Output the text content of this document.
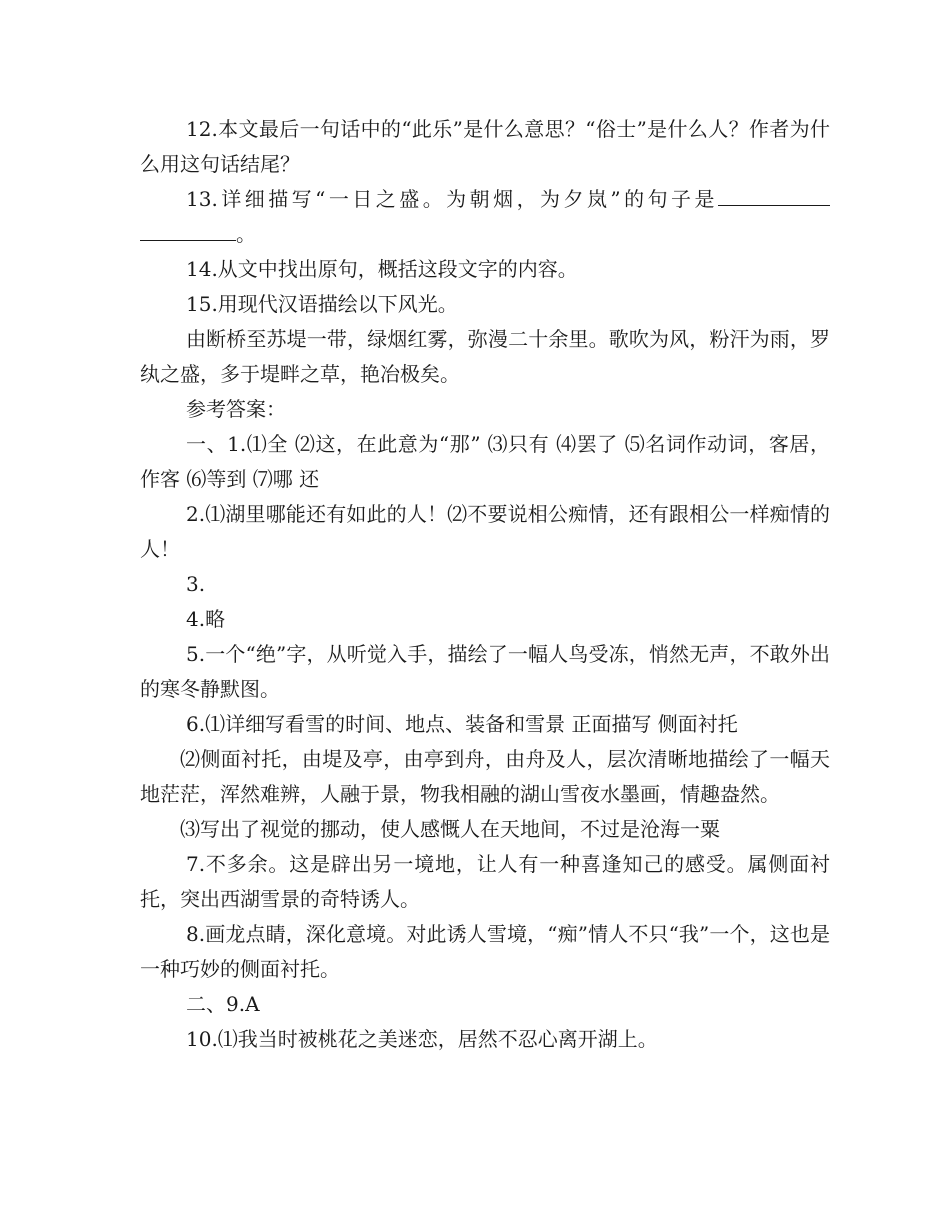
12.本文最后一句话中的“此乐”是什么意思？“俗士”是什么人？作者为什么用这句话结尾？

13.详细描写“一日之盛。为朝烟，为夕岚”的句子是。

14.从文中找出原句，概括这段文字的内容。

15.用现代汉语描绘以下风光。

由断桥至苏堤一带，绿烟红雾，弥漫二十余里。歌吹为风，粉汗为雨，罗纨之盛，多于堤畔之草，艳冶极矣。

参考答案：

一、1.⑴全 ⑵这，在此意为“那” ⑶只有 ⑷罢了 ⑸名词作动词，客居，作客 ⑹等到 ⑺哪 还

2.⑴湖里哪能还有如此的人！⑵不要说相公痴情，还有跟相公一样痴情的人！

3.

4.略

5.一个“绝”字，从听觉入手，描绘了一幅人鸟受冻，悄然无声，不敢外出的寒冬静默图。

6.⑴详细写看雪的时间、地点、装备和雪景 正面描写 侧面衬托

⑵侧面衬托，由堤及亭，由亭到舟，由舟及人，层次清晰地描绘了一幅天地茫茫，浑然难辨，人融于景，物我相融的湖山雪夜水墨画，情趣盎然。

⑶写出了视觉的挪动，使人感慨人在天地间，不过是沧海一粟

7.不多余。这是辟出另一境地，让人有一种喜逢知己的感受。属侧面衬托，突出西湖雪景的奇特诱人。

8.画龙点睛，深化意境。对此诱人雪境，“痴”情人不只“我”一个，这也是一种巧妙的侧面衬托。

二、9.A

10.⑴我当时被桃花之美迷恋，居然不忍心离开湖上。
